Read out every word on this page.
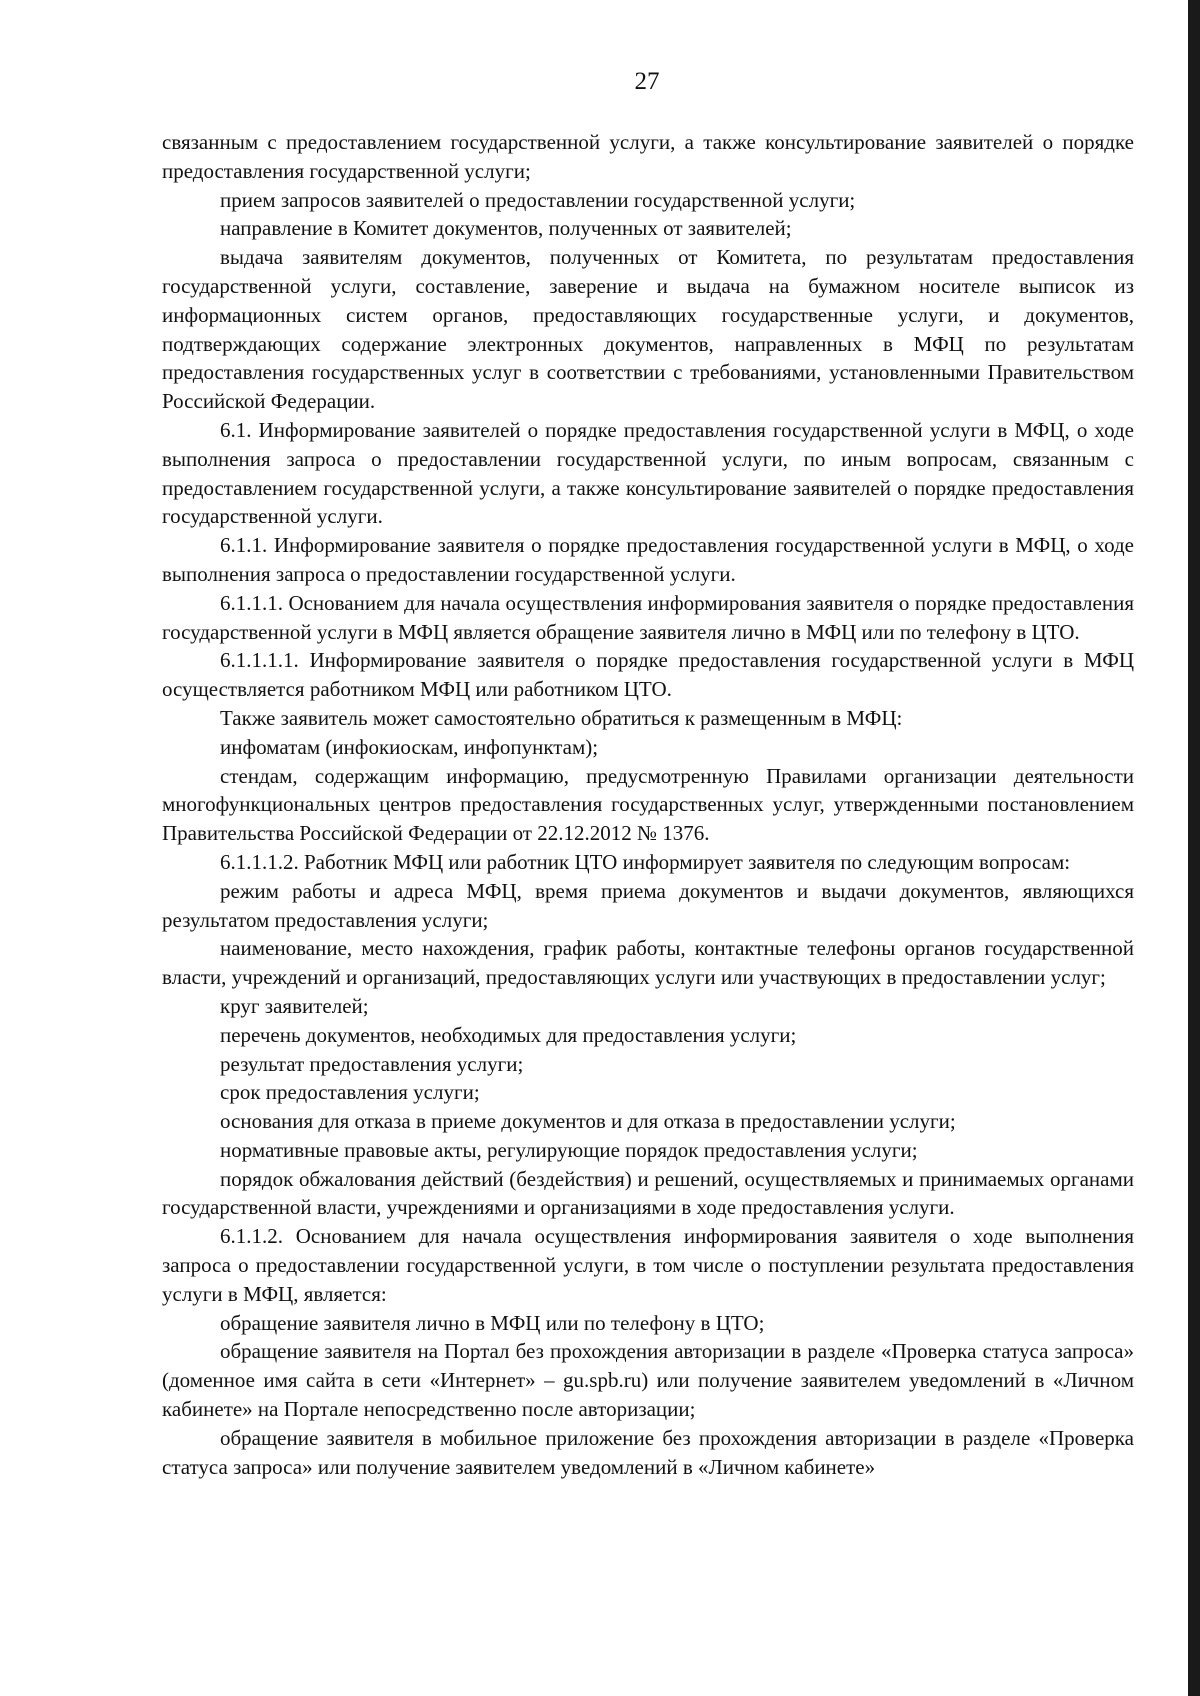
27

связанным с предоставлением государственной услуги, а также консультирование заявителей о порядке предоставления государственной услуги;

прием запросов заявителей о предоставлении государственной услуги;

направление в Комитет документов, полученных от заявителей;

выдача заявителям документов, полученных от Комитета, по результатам предоставления государственной услуги, составление, заверение и выдача на бумажном носителе выписок из информационных систем органов, предоставляющих государственные услуги, и документов, подтверждающих содержание электронных документов, направленных в МФЦ по результатам предоставления государственных услуг в соответствии с требованиями, установленными Правительством Российской Федерации.

6.1. Информирование заявителей о порядке предоставления государственной услуги в МФЦ, о ходе выполнения запроса о предоставлении государственной услуги, по иным вопросам, связанным с предоставлением государственной услуги, а также консультирование заявителей о порядке предоставления государственной услуги.

6.1.1. Информирование заявителя о порядке предоставления государственной услуги в МФЦ, о ходе выполнения запроса о предоставлении государственной услуги.

6.1.1.1. Основанием для начала осуществления информирования заявителя о порядке предоставления государственной услуги в МФЦ является обращение заявителя лично в МФЦ или по телефону в ЦТО.

6.1.1.1.1. Информирование заявителя о порядке предоставления государственной услуги в МФЦ осуществляется работником МФЦ или работником ЦТО.

Также заявитель может самостоятельно обратиться к размещенным в МФЦ:

инфоматам (инфокиоскам, инфопунктам);

стендам, содержащим информацию, предусмотренную Правилами организации деятельности многофункциональных центров предоставления государственных услуг, утвержденными постановлением Правительства Российской Федерации от 22.12.2012 № 1376.

6.1.1.1.2. Работник МФЦ или работник ЦТО информирует заявителя по следующим вопросам:

режим работы и адреса МФЦ, время приема документов и выдачи документов, являющихся результатом предоставления услуги;

наименование, место нахождения, график работы, контактные телефоны органов государственной власти, учреждений и организаций, предоставляющих услуги или участвующих в предоставлении услуг;

круг заявителей;

перечень документов, необходимых для предоставления услуги;

результат предоставления услуги;

срок предоставления услуги;

основания для отказа в приеме документов и для отказа в предоставлении услуги;

нормативные правовые акты, регулирующие порядок предоставления услуги;

порядок обжалования действий (бездействия) и решений, осуществляемых и принимаемых органами государственной власти, учреждениями и организациями в ходе предоставления услуги.

6.1.1.2. Основанием для начала осуществления информирования заявителя о ходе выполнения запроса о предоставлении государственной услуги, в том числе о поступлении результата предоставления услуги в МФЦ, является:

обращение заявителя лично в МФЦ или по телефону в ЦТО;

обращение заявителя на Портал без прохождения авторизации в разделе «Проверка статуса запроса» (доменное имя сайта в сети «Интернет» – gu.spb.ru) или получение заявителем уведомлений в «Личном кабинете» на Портале непосредственно после авторизации;

обращение заявителя в мобильное приложение без прохождения авторизации в разделе «Проверка статуса запроса» или получение заявителем уведомлений в «Личном кабинете»
